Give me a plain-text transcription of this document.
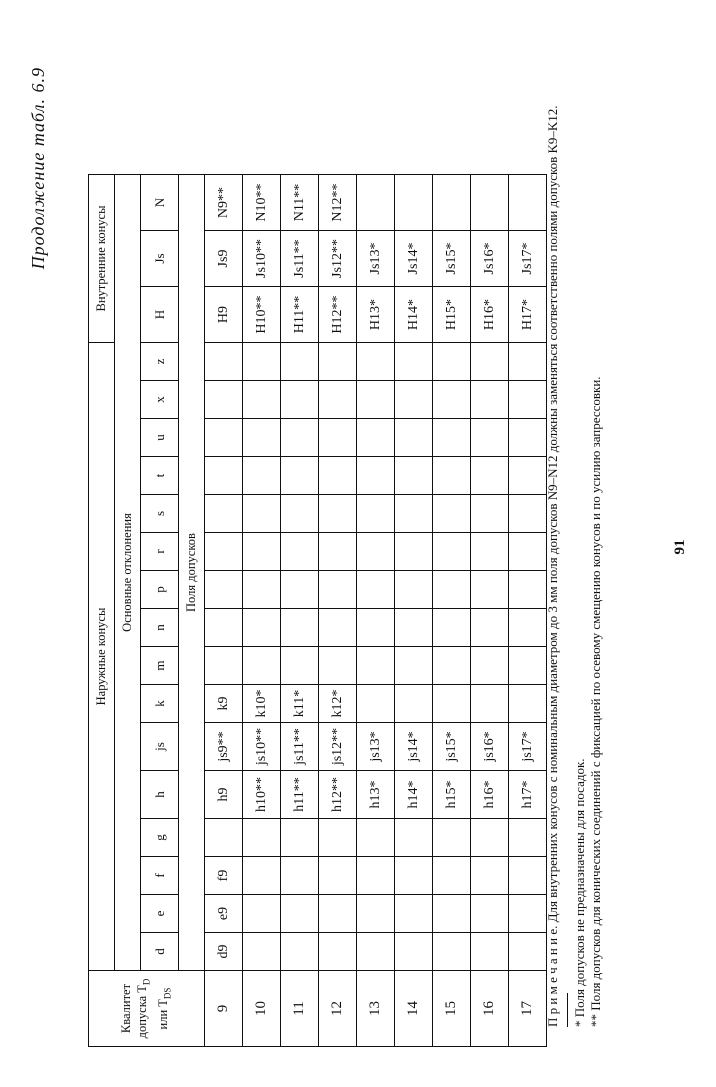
Продолжение табл. 6.9
Квалитет допуска $T_D$ или $T_{DS}$	Наружные конусы																Внутренние конусы		
	Основные отклонения																		
	d	e	f	g	h	js	k	m	n	p	r	s	t	u	x	z	H	Js	N
	Поля допусков																		
9	d9	e9	f9		h9	js9**	k9										H9	Js9	N9**
10					h10**	js10**	k10*										H10**	Js10**	N10**
11					h11**	js11**	k11*										H11**	Js11**	N11**
12					h12**	js12**	k12*										H12**	Js12**	N12**
13					h13*	js13*											H13*	Js13*	
14					h14*	js14*											H14*	Js14*	
15					h15*	js15*											H15*	Js15*	
16					h16*	js16*											H16*	Js16*	
17					h17*	js17*											H17*	Js17*	П р и м е ч а н и е. Для внутренних конусов с номинальным диаметром до 3 мм поля допусков N9–N12 должны заменяться соответственно полями допусков K9–K12. * Поля допусков не предназначены для посадок. ** Поля допусков для конических соединений с фиксацией по осевому смещению конусов и по усилию запрессовки.	91
